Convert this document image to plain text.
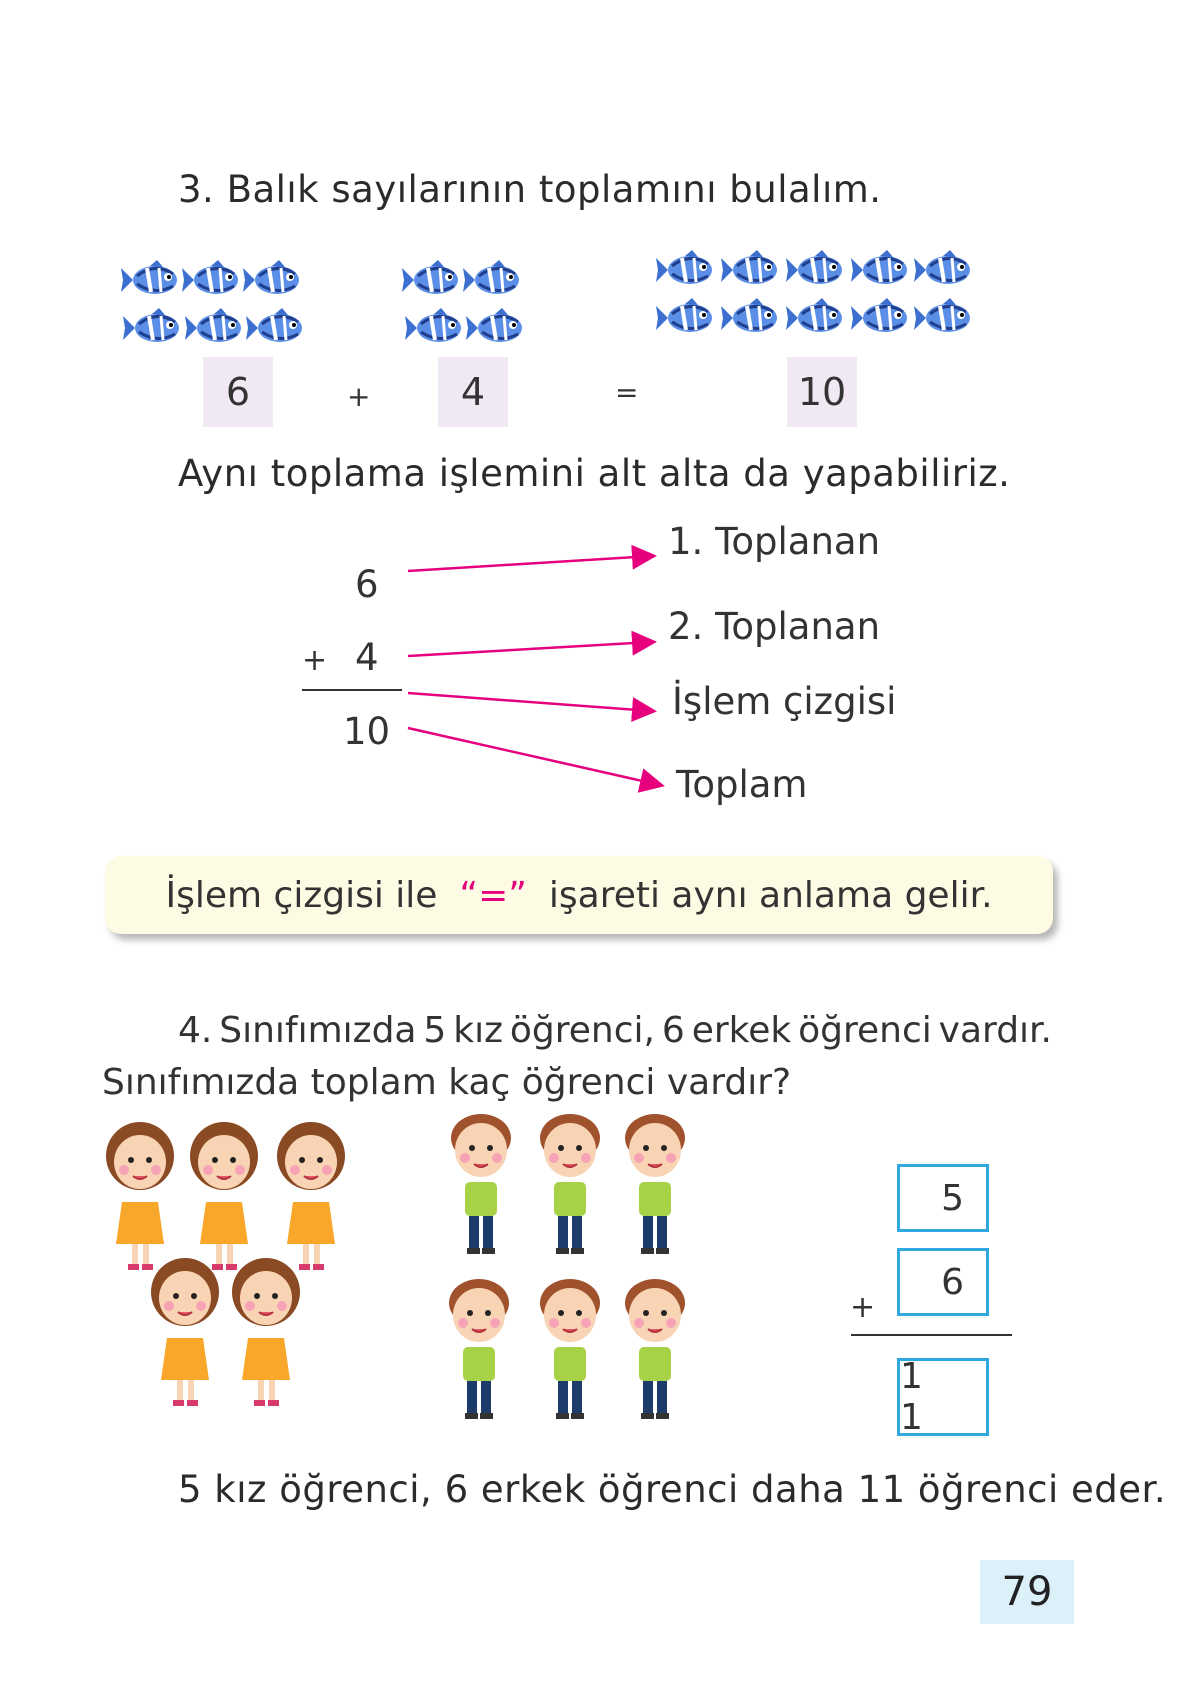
3. Balık sayılarının toplamını bulalım.
6	+	4	=	10
Aynı toplama işlemini alt alta da yapabiliriz.
6
+ 4
10
1. Toplanan
2. Toplanan
İşlem çizgisi
Toplam
İşlem çizgisi ile “=” işareti aynı anlama gelir.
4. Sınıfımızda 5 kız öğrenci, 6 erkek öğrenci vardır.
Sınıfımızda toplam kaç öğrenci vardır?
5
+
6
1 1
5 kız öğrenci, 6 erkek öğrenci daha 11 öğrenci eder.
79
